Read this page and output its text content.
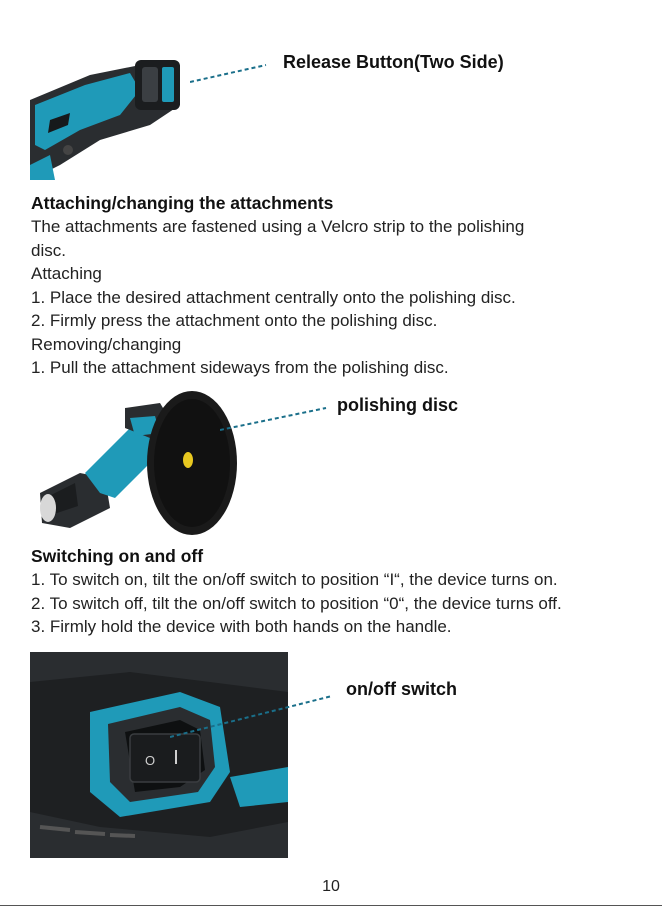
Release Button(Two Side)
Attaching/changing the attachments

The attachments are fastened using a Velcro strip to the polishing

disc.

Attaching

1. Place the desired attachment centrally onto the polishing disc.

2. Firmly press the attachment onto the polishing disc.

Removing/changing

1. Pull the attachment sideways from the polishing disc.

polishing disc
Switching on and off

1. To switch on, tilt the on/off switch to position “I“, the device turns on.

2. To switch off, tilt the on/off switch to position “0“, the device turns off.

3. Firmly hold the device with both hands on the handle.

O
on/off switch
10
